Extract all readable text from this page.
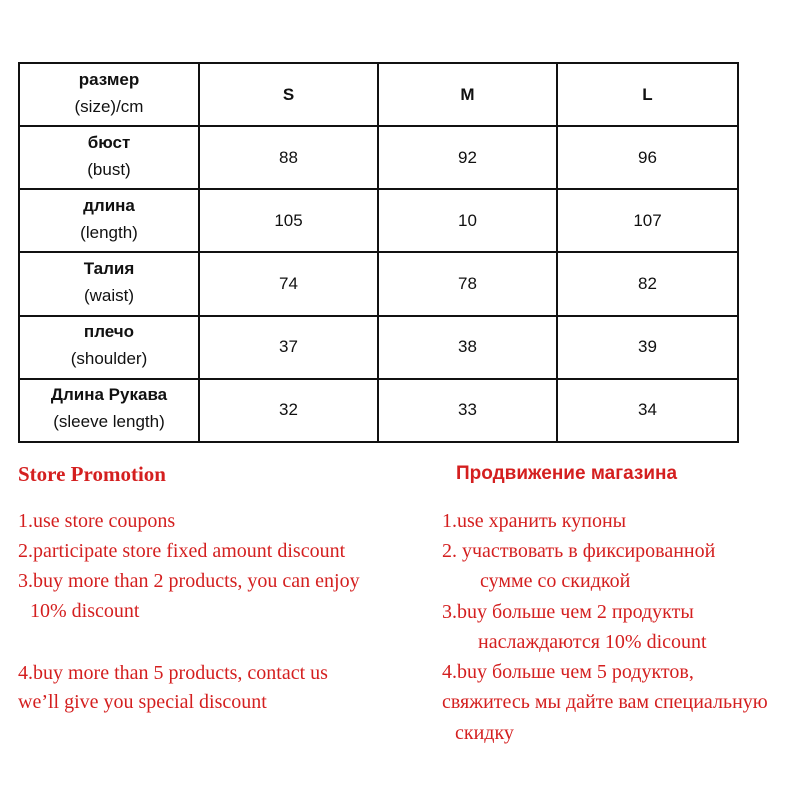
размер
(size)/cm	S	M	L

бюст
(bust)	88	92	96

длина
(length)	105	10	107

Талия
(waist)	74	78	82

плечо
(shoulder)	37	38	39

Длина Рукава
(sleeve length)	32	33	34
Store Promotion
1.use store coupons
2.participate store fixed amount discount
3.buy more than 2 products, you can enjoy
10% discount
4.buy more than 5 products, contact us
we’ll give you special discount
Продвижение магазина
1.use хранить купоны
2. участвовать в фиксированной
сумме со скидкой
3.buy больше чем 2 продукты
наслаждаются 10% dicount
4.buy больше чем 5 родуктов,
свяжитесь мы дайте вам специальную
скидку
